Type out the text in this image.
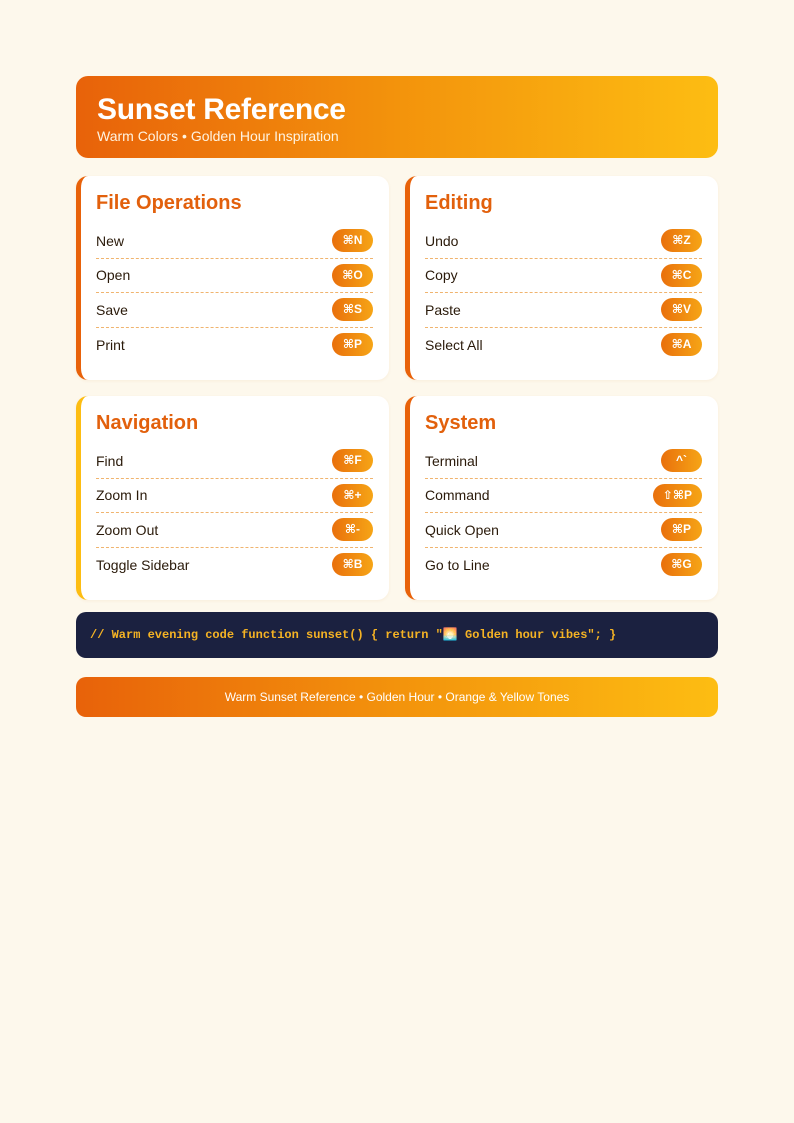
Sunset Reference
Warm Colors • Golden Hour Inspiration
File Operations
New	⌘N
Open	⌘O
Save	⌘S
Print	⌘P
Editing
Undo	⌘Z
Copy	⌘C
Paste	⌘V
Select All	⌘A
Navigation
Find	⌘F
Zoom In	⌘+
Zoom Out	⌘-
Toggle Sidebar	⌘B
System
Terminal	^`
Command	⇧⌘P
Quick Open	⌘P
Go to Line	⌘G
// Warm evening code function sunset() { return "🌅 Golden hour vibes"; }
Warm Sunset Reference • Golden Hour • Orange & Yellow Tones
